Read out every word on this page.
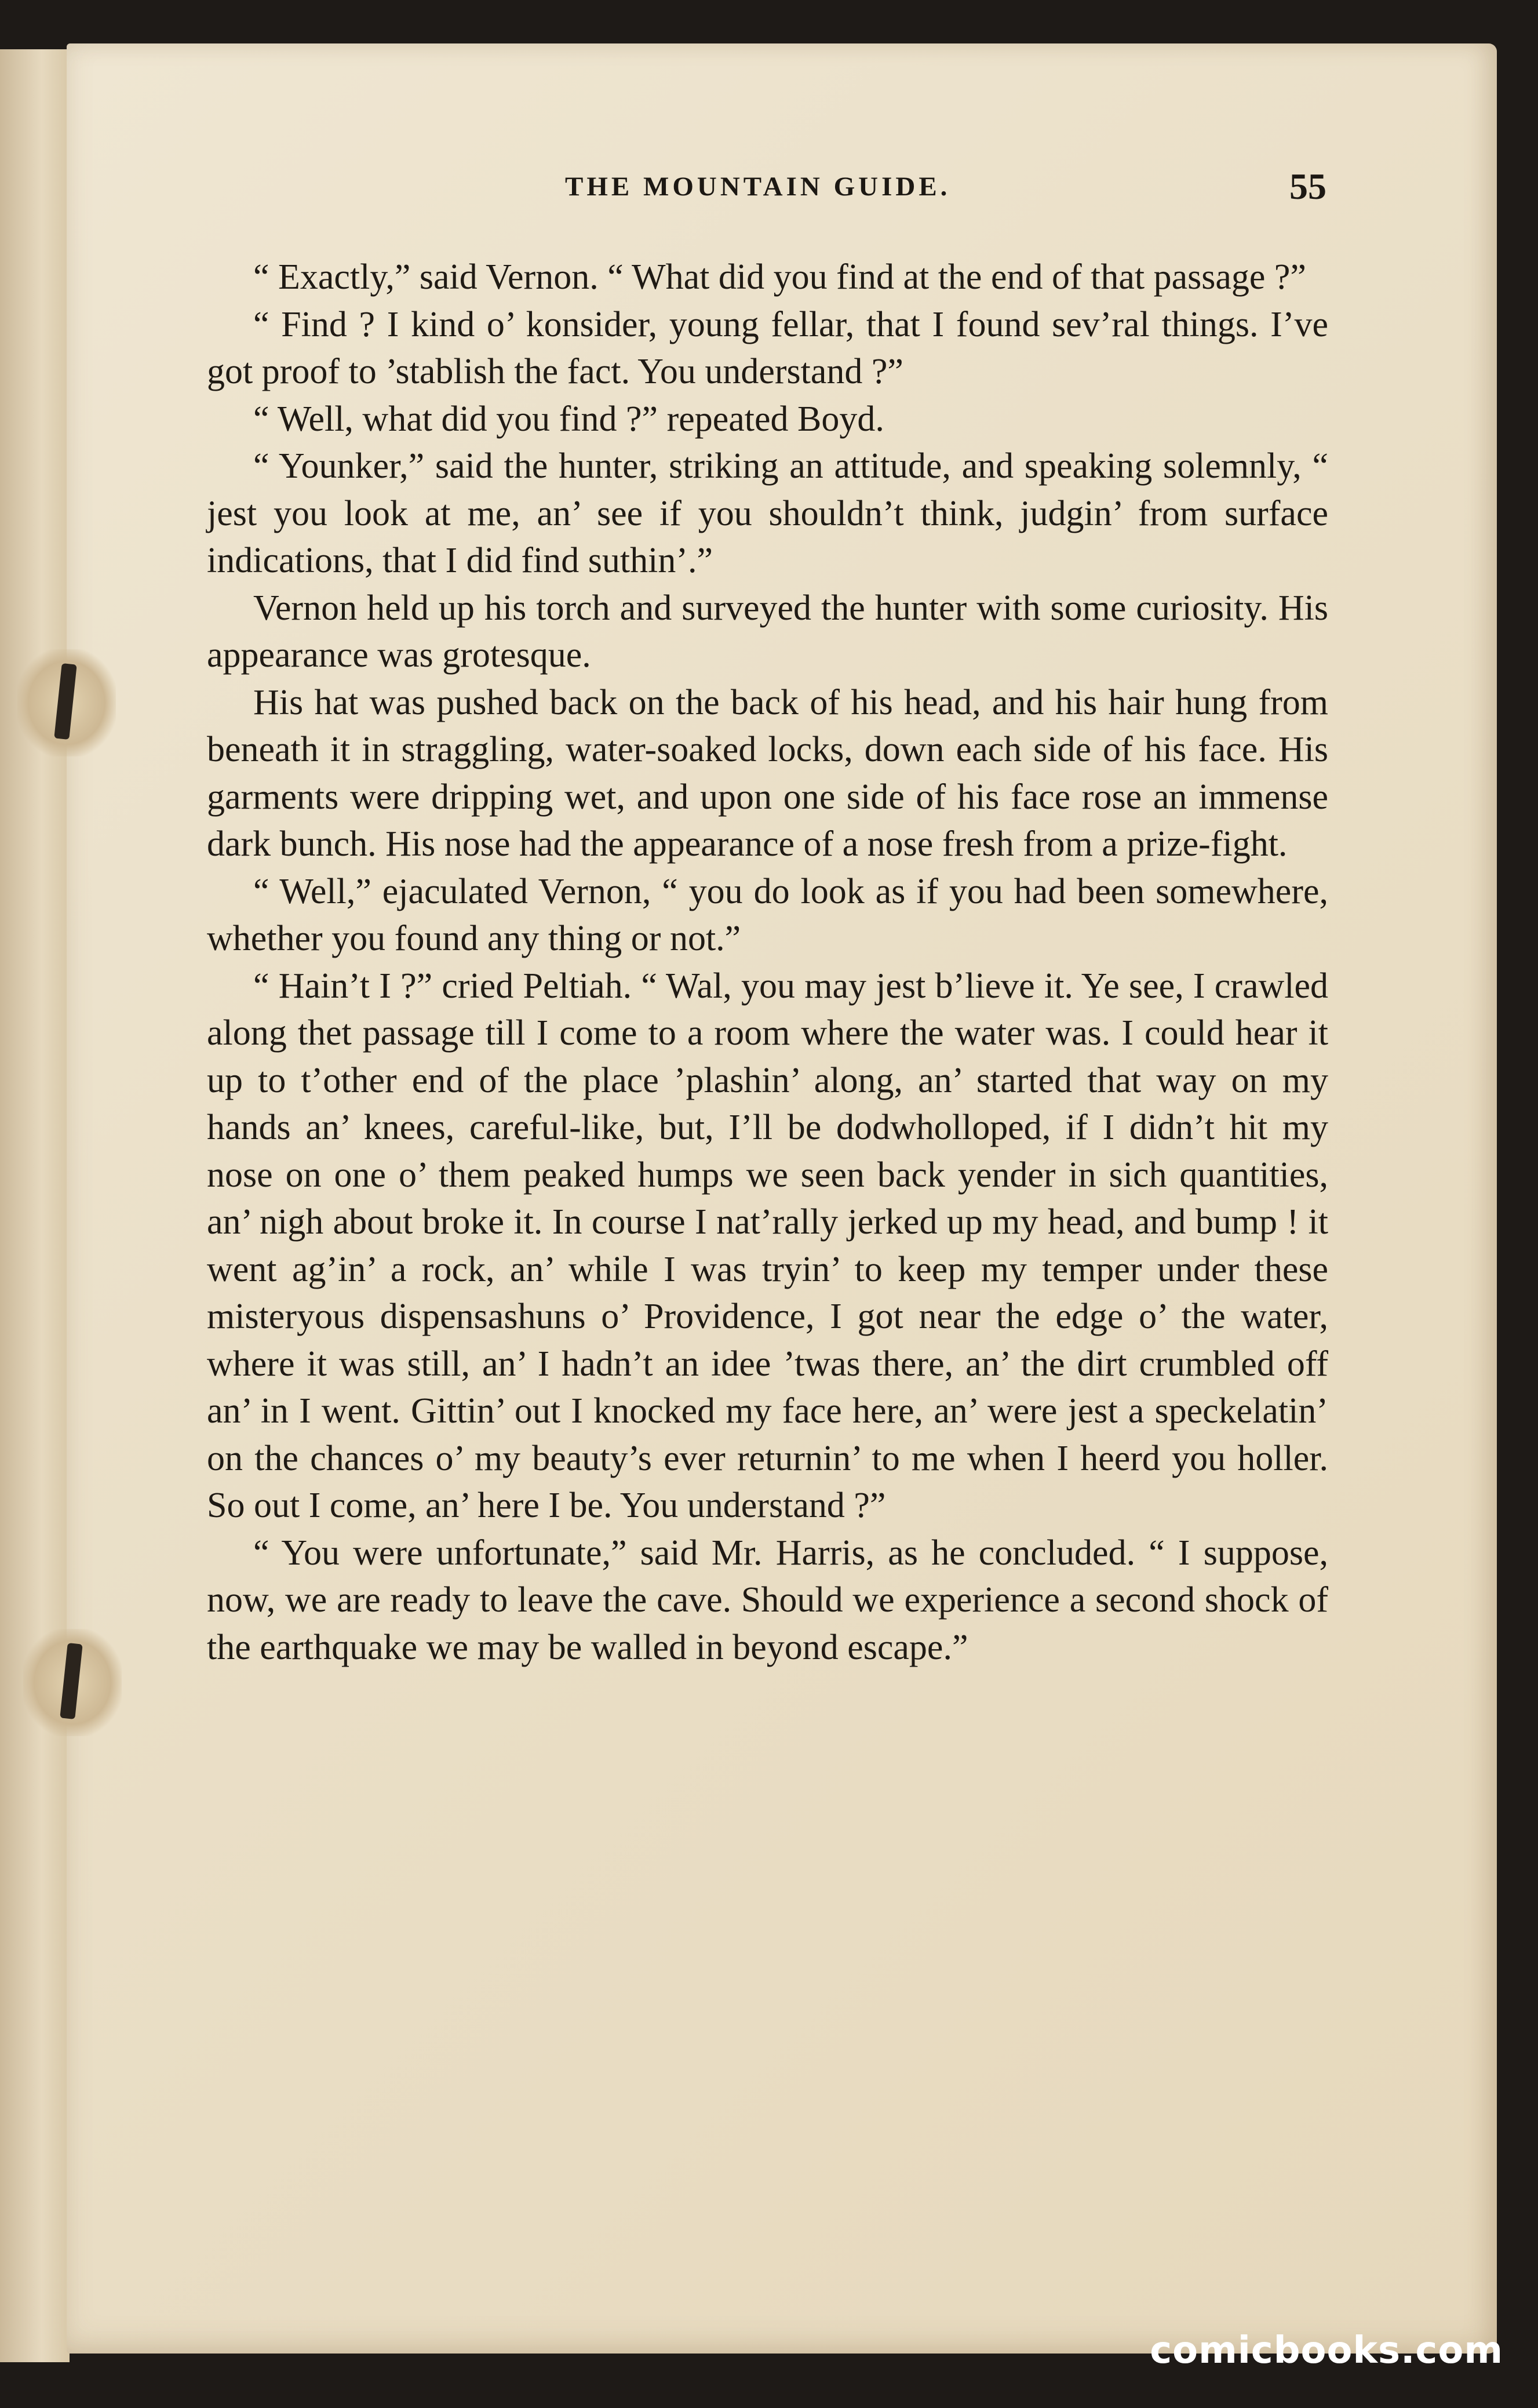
THE MOUNTAIN GUIDE.	55

“ Exactly,” said Vernon. “ What did you find at the end of that passage ?”

“ Find ? I kind o’ konsider, young fellar, that I found sev’ral things. I’ve got proof to ’stablish the fact. You understand ?”

“ Well, what did you find ?” repeated Boyd.

“ Younker,” said the hunter, striking an attitude, and speaking solemnly, “ jest you look at me, an’ see if you shouldn’t think, judgin’ from surface indications, that I did find suthin’.”

Vernon held up his torch and surveyed the hunter with some curiosity. His appearance was grotesque.

His hat was pushed back on the back of his head, and his hair hung from beneath it in straggling, water-soaked locks, down each side of his face. His garments were dripping wet, and upon one side of his face rose an immense dark bunch. His nose had the appearance of a nose fresh from a prize-fight.

“ Well,” ejaculated Vernon, “ you do look as if you had been somewhere, whether you found any thing or not.”

“ Hain’t I ?” cried Peltiah. “ Wal, you may jest b’lieve it. Ye see, I crawled along thet passage till I come to a room where the water was. I could hear it up to t’other end of the place ’plashin’ along, an’ started that way on my hands an’ knees, careful-like, but, I’ll be dodwholloped, if I didn’t hit my nose on one o’ them peaked humps we seen back yender in sich quantities, an’ nigh about broke it. In course I nat’rally jerked up my head, and bump ! it went ag’in’ a rock, an’ while I was tryin’ to keep my temper under these misteryous dispensashuns o’ Providence, I got near the edge o’ the water, where it was still, an’ I hadn’t an idee ’twas there, an’ the dirt crumbled off an’ in I went. Gittin’ out I knocked my face here, an’ were jest a speckelatin’ on the chances o’ my beauty’s ever returnin’ to me when I heerd you holler. So out I come, an’ here I be. You understand ?”

“ You were unfortunate,” said Mr. Harris, as he concluded. “ I suppose, now, we are ready to leave the cave. Should we experience a second shock of the earthquake we may be walled in beyond escape.”

comicbooks.com
